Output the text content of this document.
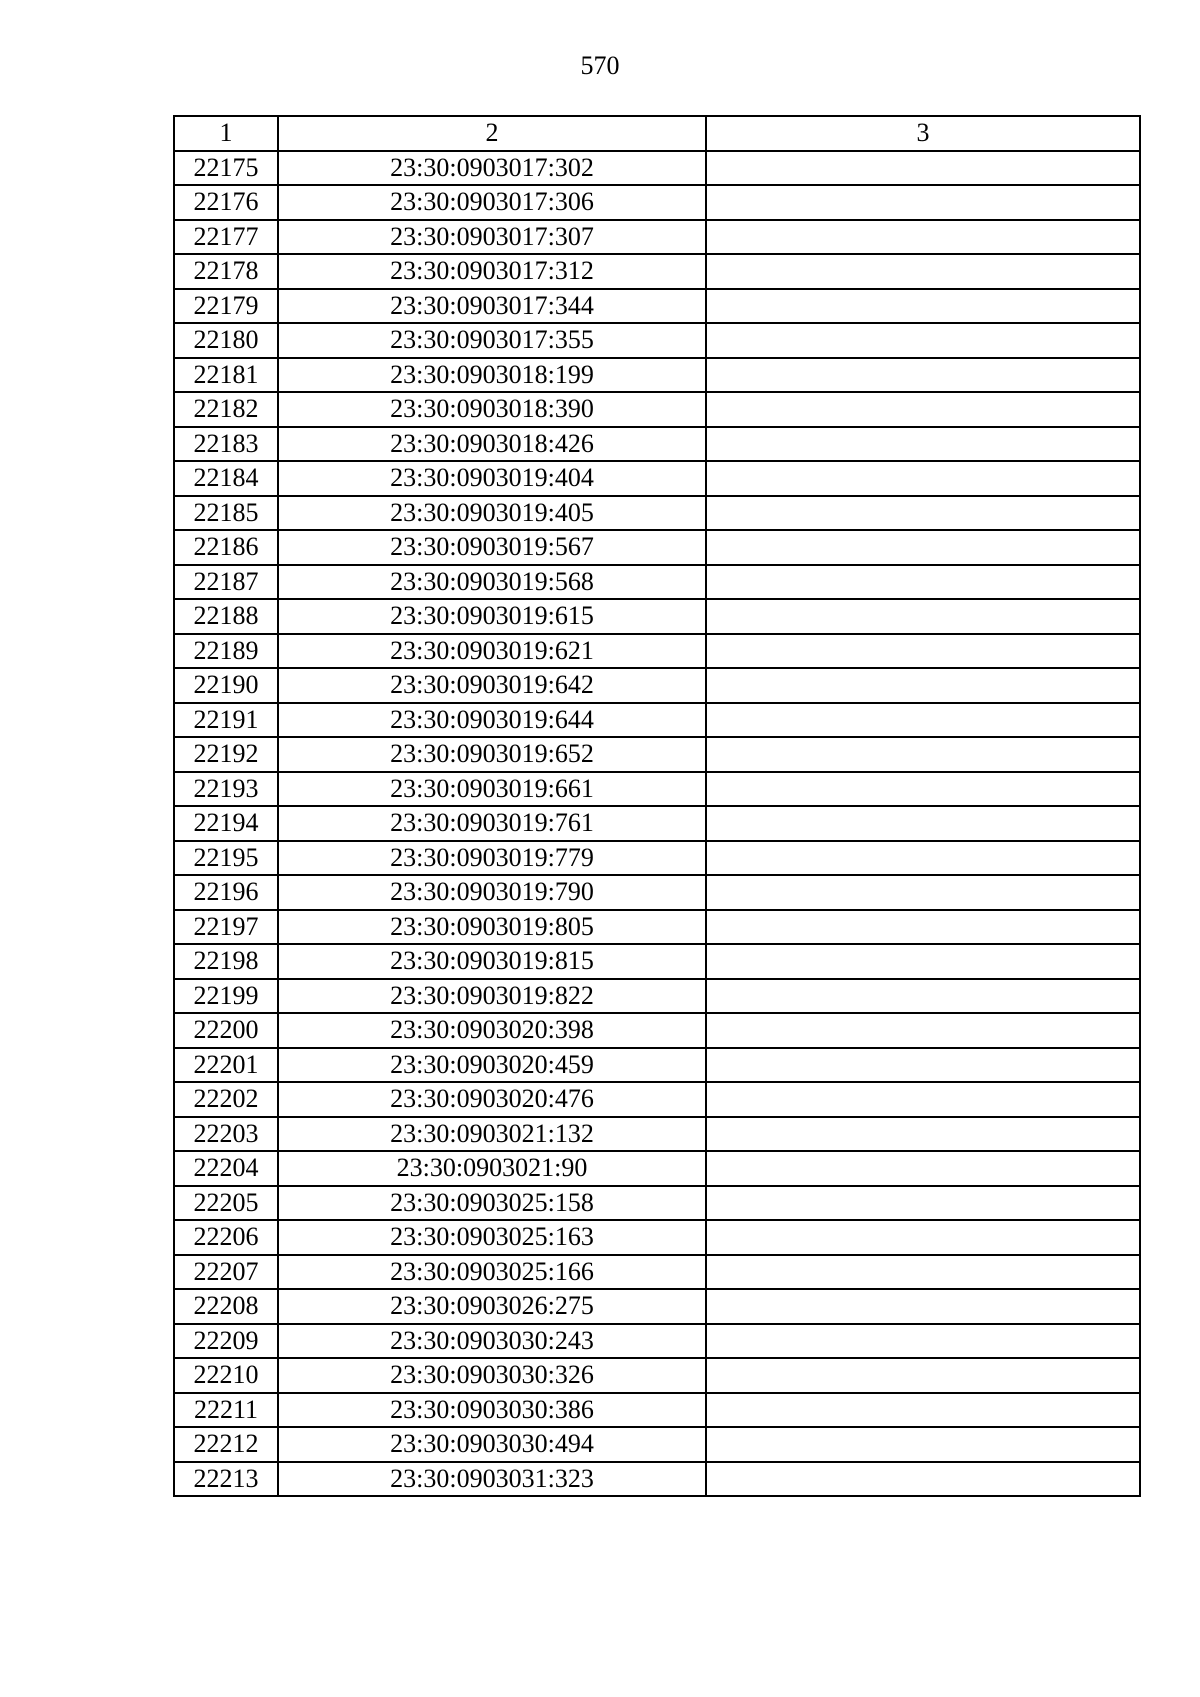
570
1	2	3
22175	23:30:0903017:302	
22176	23:30:0903017:306	
22177	23:30:0903017:307	
22178	23:30:0903017:312	
22179	23:30:0903017:344	
22180	23:30:0903017:355	
22181	23:30:0903018:199	
22182	23:30:0903018:390	
22183	23:30:0903018:426	
22184	23:30:0903019:404	
22185	23:30:0903019:405	
22186	23:30:0903019:567	
22187	23:30:0903019:568	
22188	23:30:0903019:615	
22189	23:30:0903019:621	
22190	23:30:0903019:642	
22191	23:30:0903019:644	
22192	23:30:0903019:652	
22193	23:30:0903019:661	
22194	23:30:0903019:761	
22195	23:30:0903019:779	
22196	23:30:0903019:790	
22197	23:30:0903019:805	
22198	23:30:0903019:815	
22199	23:30:0903019:822	
22200	23:30:0903020:398	
22201	23:30:0903020:459	
22202	23:30:0903020:476	
22203	23:30:0903021:132	
22204	23:30:0903021:90	
22205	23:30:0903025:158	
22206	23:30:0903025:163	
22207	23:30:0903025:166	
22208	23:30:0903026:275	
22209	23:30:0903030:243	
22210	23:30:0903030:326	
22211	23:30:0903030:386	
22212	23:30:0903030:494	
22213	23:30:0903031:323	
